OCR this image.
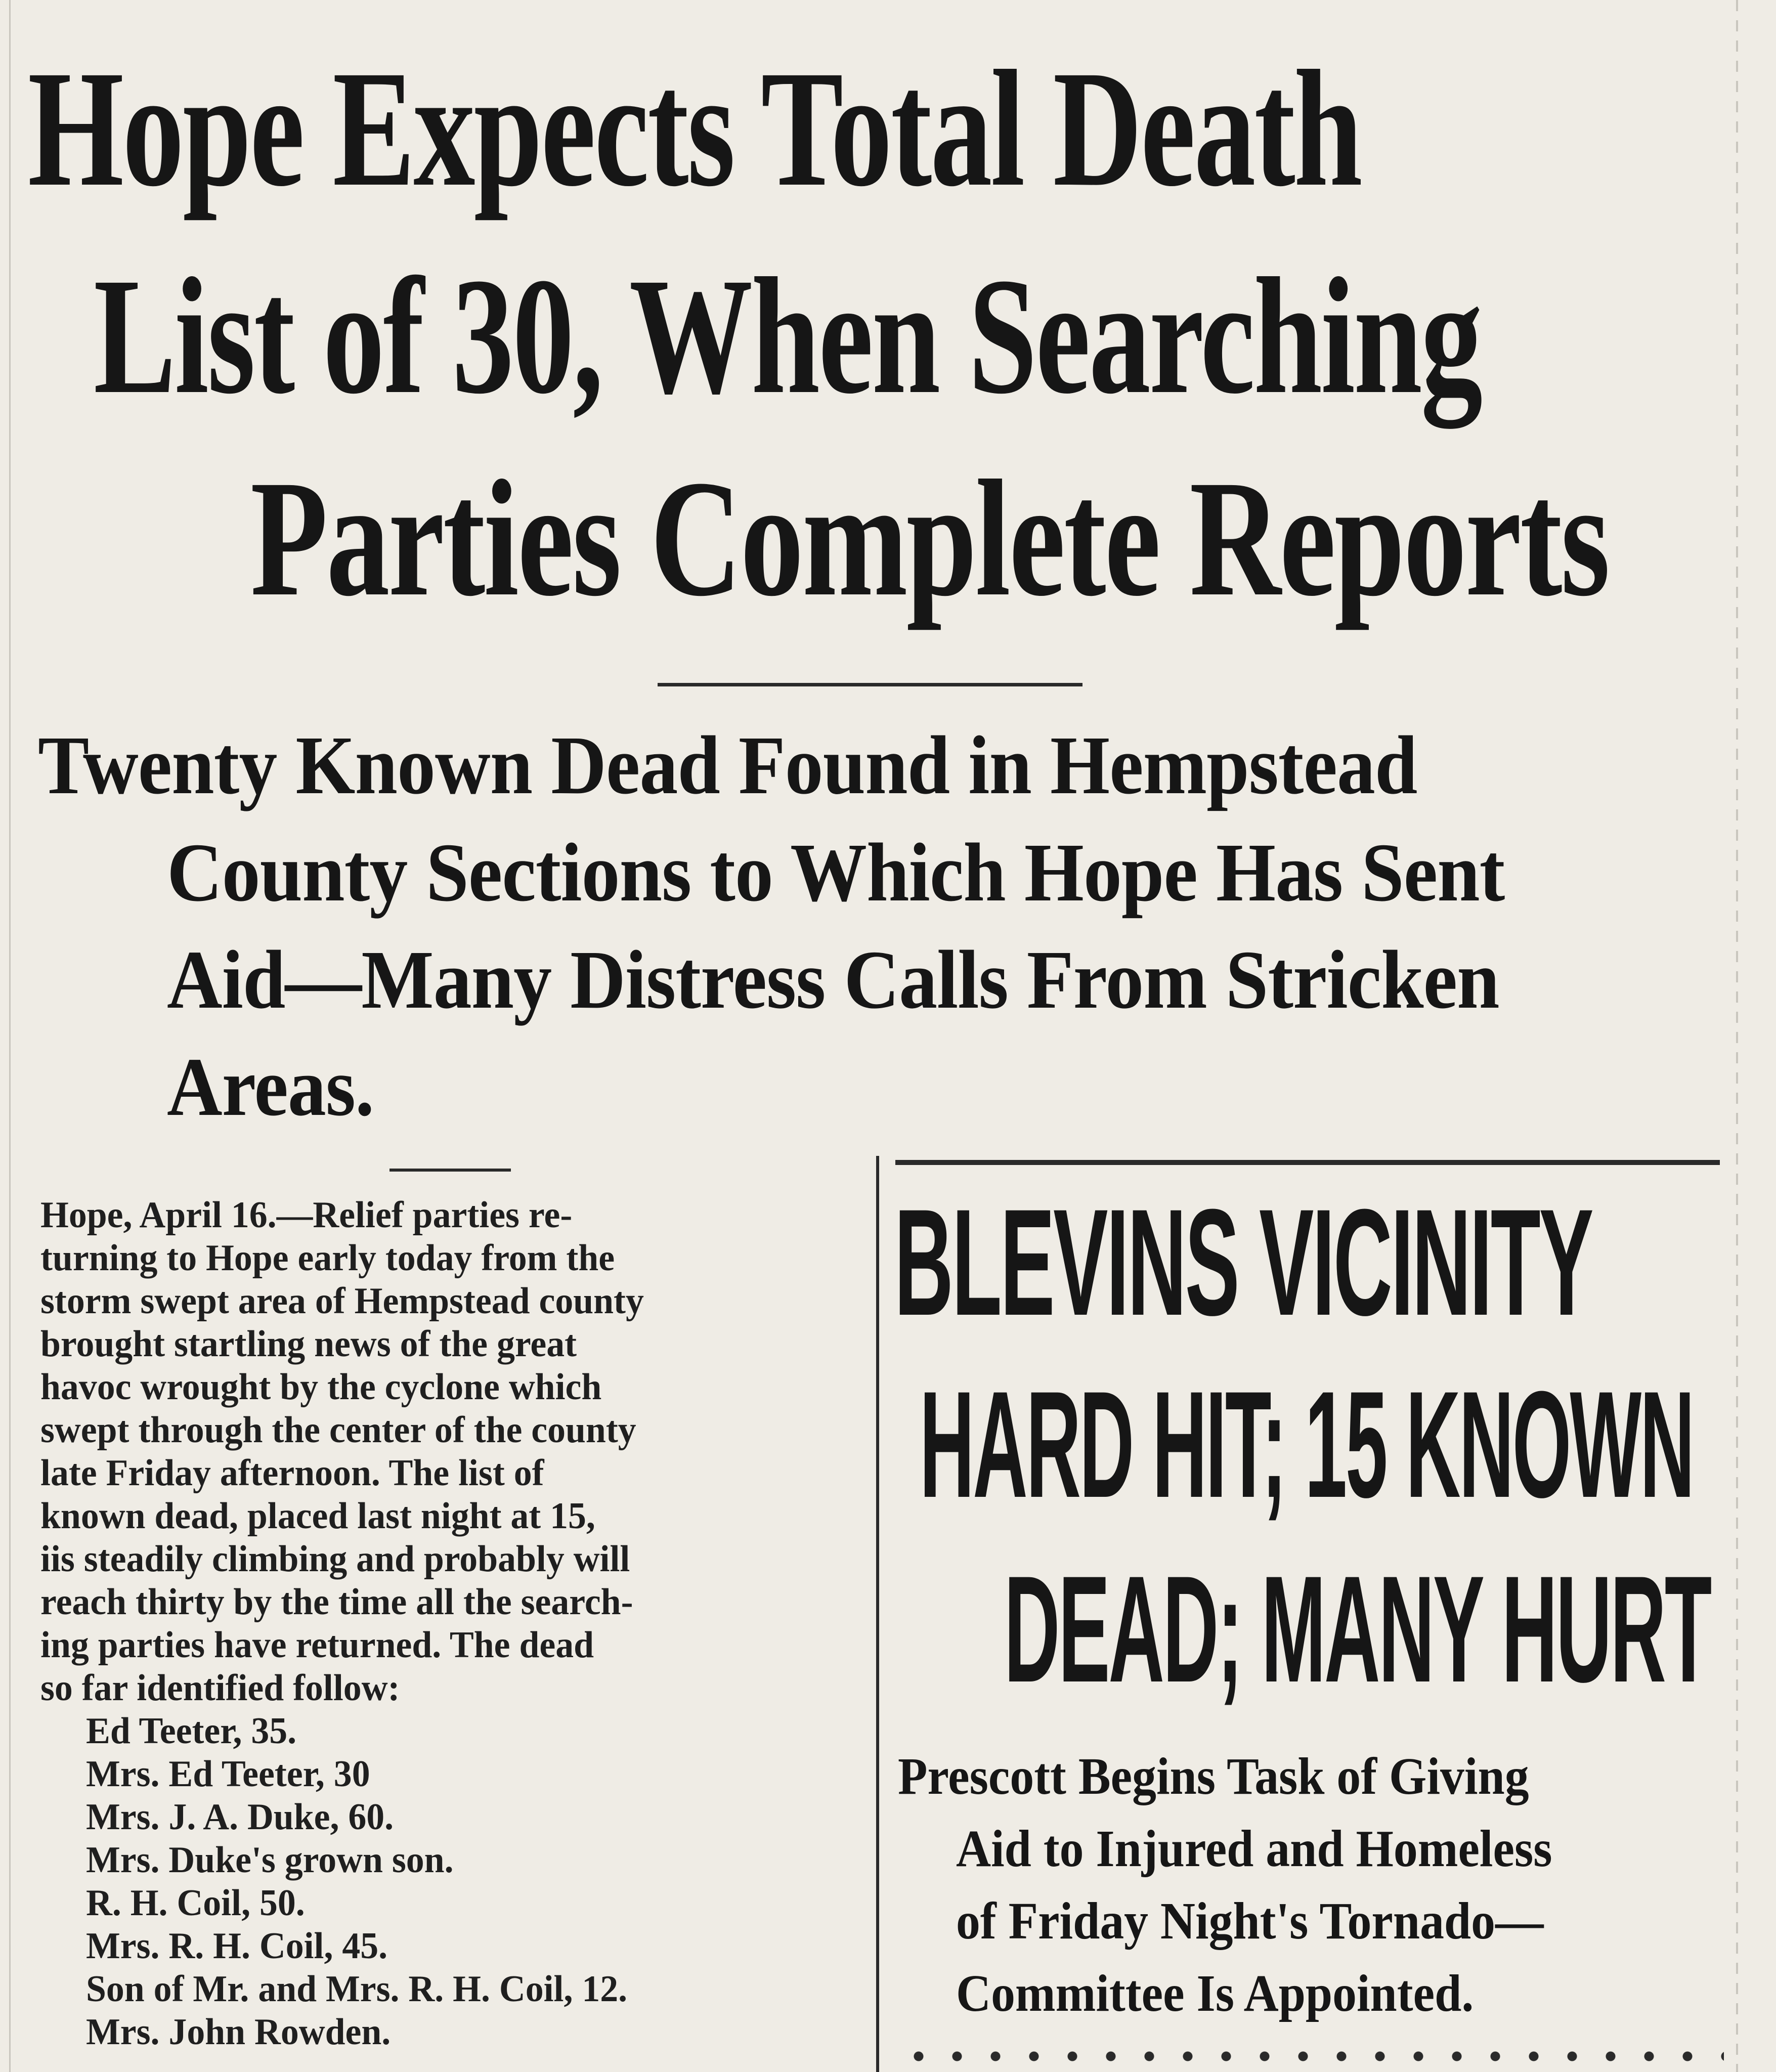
Hope Expects Total Death
List of 30, When Searching
Parties Complete Reports
Twenty Known Dead Found in Hempstead
County Sections to Which Hope Has Sent
Aid—Many Distress Calls From Stricken
Areas.
Hope, April 16.—Relief parties re-
turning to Hope early today from the
storm swept area of Hempstead county
brought startling news of the great
havoc wrought by the cyclone which
swept through the center of the county
late Friday afternoon. The list of
known dead, placed last night at 15,
iis steadily climbing and probably will
reach thirty by the time all the search-
ing parties have returned. The dead
so far identified follow:
Ed Teeter, 35.
Mrs. Ed Teeter, 30
Mrs. J. A. Duke, 60.
Mrs. Duke's grown son.
R. H. Coil, 50.
Mrs. R. H. Coil, 45.
Son of Mr. and Mrs. R. H. Coil, 12.
Mrs. John Rowden.
BLEVINS VICINITY
HARD HIT; 15 KNOWN
DEAD; MANY HURT
Prescott Begins Task of Giving
Aid to Injured and Homeless
of Friday Night's Tornado—
Committee Is Appointed.
